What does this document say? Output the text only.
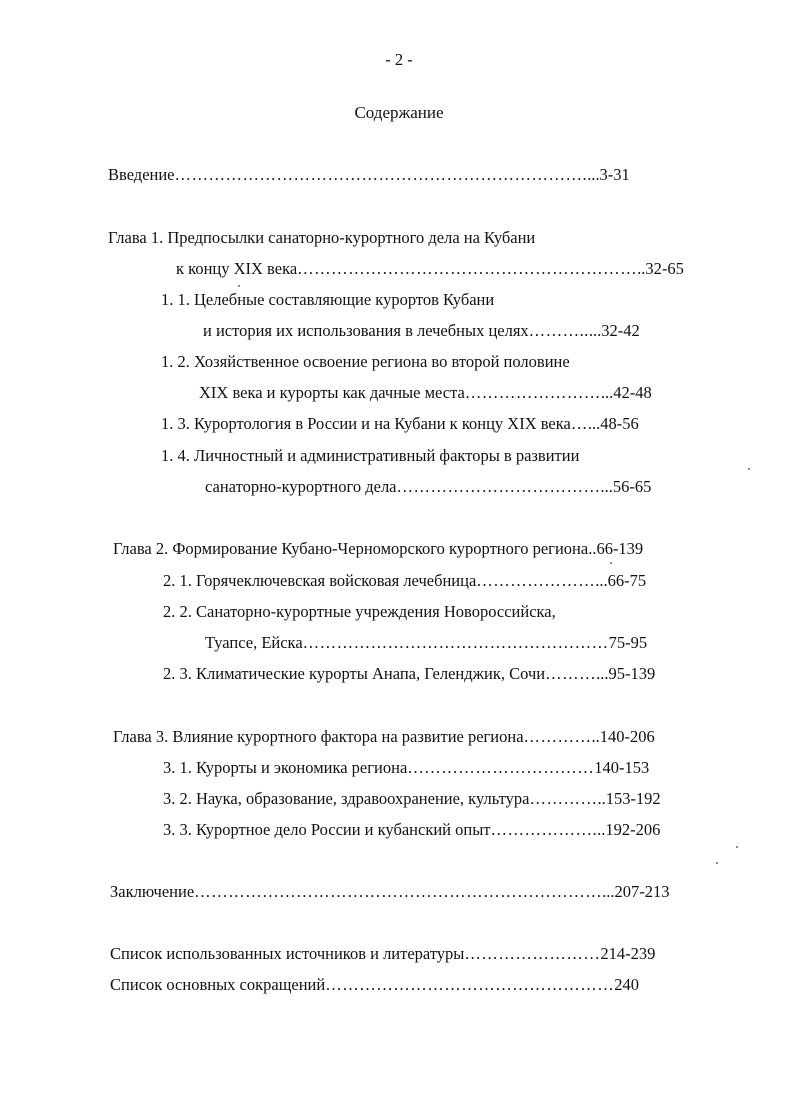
- 2 -
Содержание
Введение ………………………………………………………………. ...3-31
Глава 1. Предпосылки санаторно-курортного дела на Кубани
к концу XIX века …………………………………………………… ..32-65
1. 1. Целебные составляющие курортов Кубани
и история их использования в лечебных целях ……….. ...32-42
1. 2. Хозяйственное освоение региона во второй половине
XIX века и курорты как дачные места …………………… ...42-48
1. 3. Курортология в России и на Кубани к концу XIX века … ...48-56
1. 4. Личностный и административный факторы в развитии
санаторно-курортного дела ……………………………… ...56-65
Глава 2. Формирование Кубано-Черноморского курортного региона ..66-139
2. 1. Горячеключевская войсковая лечебница ………………… ...66-75
2. 2. Санаторно-курортные учреждения Новороссийска,
Туапсе, Ейска ……………………………………………… 75-95
2. 3. Климатические курорты Анапа, Геленджик, Сочи ……… ...95-139
Глава 3. Влияние курортного фактора на развитие региона ………… ..140-206
3. 1. Курорты и экономика региона …………………………… 140-153
3. 2. Наука, образование, здравоохранение, культура ………… ..153-192
3. 3. Курортное дело России и кубанский опыт ………………. ..192-206
Заключение ……………………………………………………………… ...207-213
Список использованных источников и литературы …………………… 214-239
Список основных сокращений …………………………………………… 240
